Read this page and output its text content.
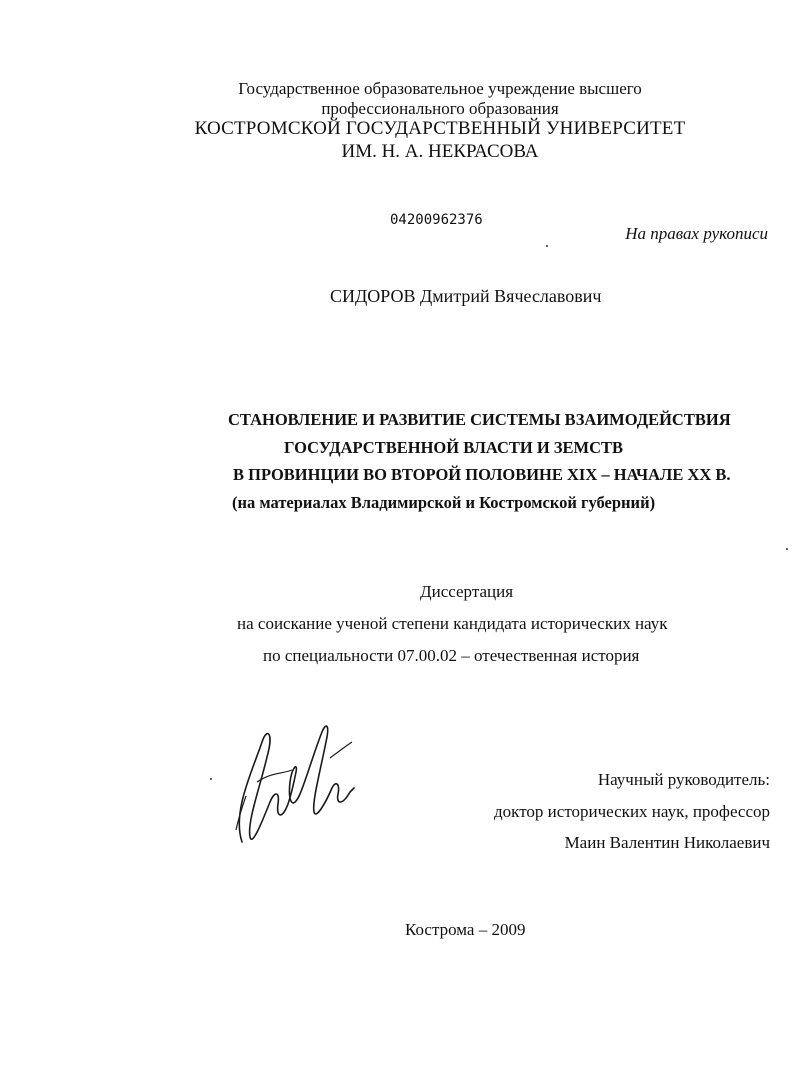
Государственное образовательное учреждение высшего
профессионального образования
КОСТРОМСКОЙ ГОСУДАРСТВЕННЫЙ УНИВЕРСИТЕТ
ИМ. Н. А. НЕКРАСОВА
04200962376
На правах рукописи
СИДОРОВ Дмитрий Вячеславович
СТАНОВЛЕНИЕ И РАЗВИТИЕ СИСТЕМЫ ВЗАИМОДЕЙСТВИЯ
ГОСУДАРСТВЕННОЙ ВЛАСТИ И ЗЕМСТВ
В ПРОВИНЦИИ ВО ВТОРОЙ ПОЛОВИНЕ XIX – НАЧАЛЕ XX В.
(на материалах Владимирской и Костромской губерний)
Диссертация
на соискание ученой степени кандидата исторических наук
по специальности 07.00.02 – отечественная история
Научный руководитель:
доктор исторических наук, профессор
Маин Валентин Николаевич
Кострома – 2009
